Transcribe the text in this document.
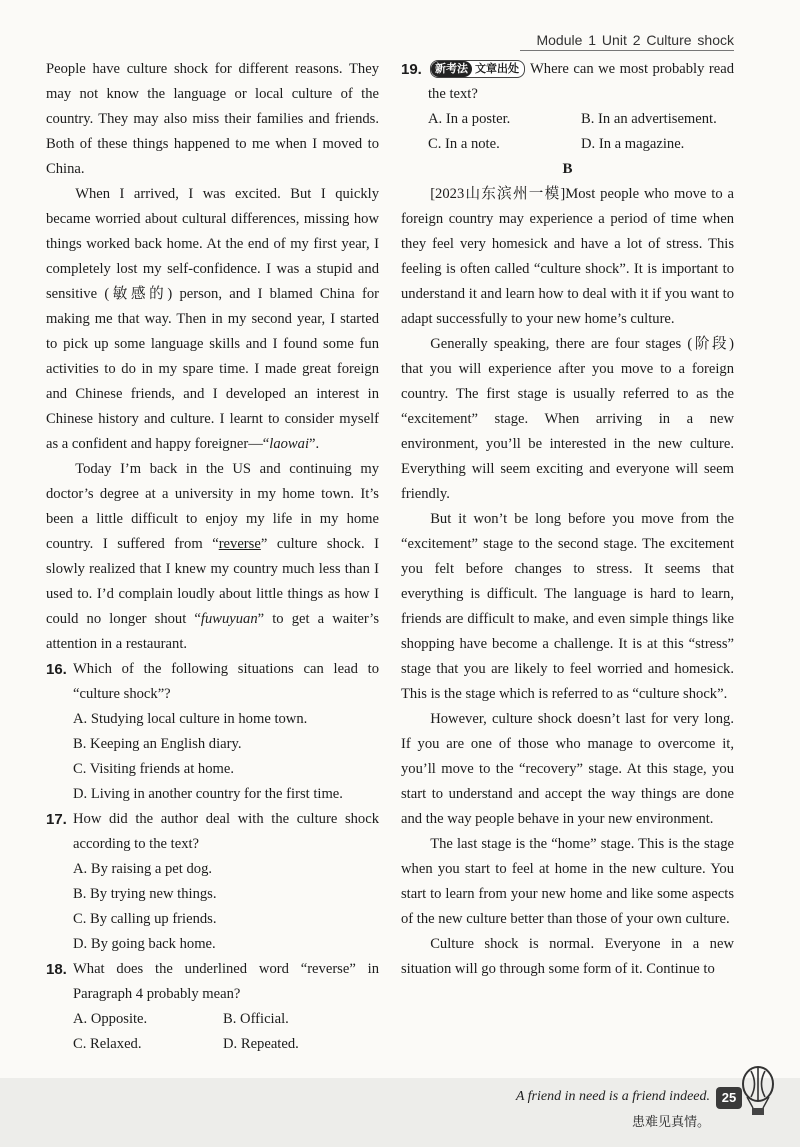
Module 1 Unit 2 Culture shock

People have culture shock for different reasons. They may not know the language or local culture of the country. They may also miss their families and friends. Both of these things happened to me when I moved to China.

When I arrived, I was excited. But I quickly became worried about cultural differences, missing how things worked back home. At the end of my first year, I completely lost my self-confidence. I was a stupid and sensitive (敏感的) person, and I blamed China for making me that way. Then in my second year, I started to pick up some language skills and I found some fun activities to do in my spare time. I made great foreign and Chinese friends, and I developed an interest in Chinese history and culture. I learnt to consider myself as a confident and happy foreigner—“laowai”.

Today I’m back in the US and continuing my doctor’s degree at a university in my home town. It’s been a little difficult to enjoy my life in my home country. I suffered from “reverse” culture shock. I slowly realized that I knew my country much less than I used to. I’d complain loudly about little things as how I could no longer shout “fuwuyuan” to get a waiter’s attention in a restaurant.

16. Which of the following situations can lead to “culture shock”?

A. Studying local culture in home town.

B. Keeping an English diary.

C. Visiting friends at home.

D. Living in another country for the first time.

17. How did the author deal with the culture shock according to the text?

A. By raising a pet dog.

B. By trying new things.

C. By calling up friends.

D. By going back home.

18. What does the underlined word “reverse” in Paragraph 4 probably mean?

A. Opposite.	B. Official.

C. Relaxed.	D. Repeated.

19. 新考法 文章出处 Where can we most probably read the text?

A. In a poster.	B. In an advertisement.

C. In a note.	D. In a magazine.

B

[2023山东滨州一模]Most people who move to a foreign country may experience a period of time when they feel very homesick and have a lot of stress. This feeling is often called “culture shock”. It is important to understand it and learn how to deal with it if you want to adapt successfully to your new home’s culture.

Generally speaking, there are four stages (阶段) that you will experience after you move to a foreign country. The first stage is usually referred to as the “excitement” stage. When arriving in a new environment, you’ll be interested in the new culture. Everything will seem exciting and everyone will seem friendly.

But it won’t be long before you move from the “excitement” stage to the second stage. The excitement you felt before changes to stress. It seems that everything is difficult. The language is hard to learn, friends are difficult to make, and even simple things like shopping have become a challenge. It is at this “stress” stage that you are likely to feel worried and homesick. This is the stage which is referred to as “culture shock”.

However, culture shock doesn’t last for very long. If you are one of those who manage to overcome it, you’ll move to the “recovery” stage. At this stage, you start to understand and accept the way things are done and the way people behave in your new environment.

The last stage is the “home” stage. This is the stage when you start to feel at home in the new culture. You start to learn from your new home and like some aspects of the new culture better than those of your own culture.

Culture shock is normal. Everyone in a new situation will go through some form of it. Continue to

A friend in need is a friend indeed.
患难见真情。
25
